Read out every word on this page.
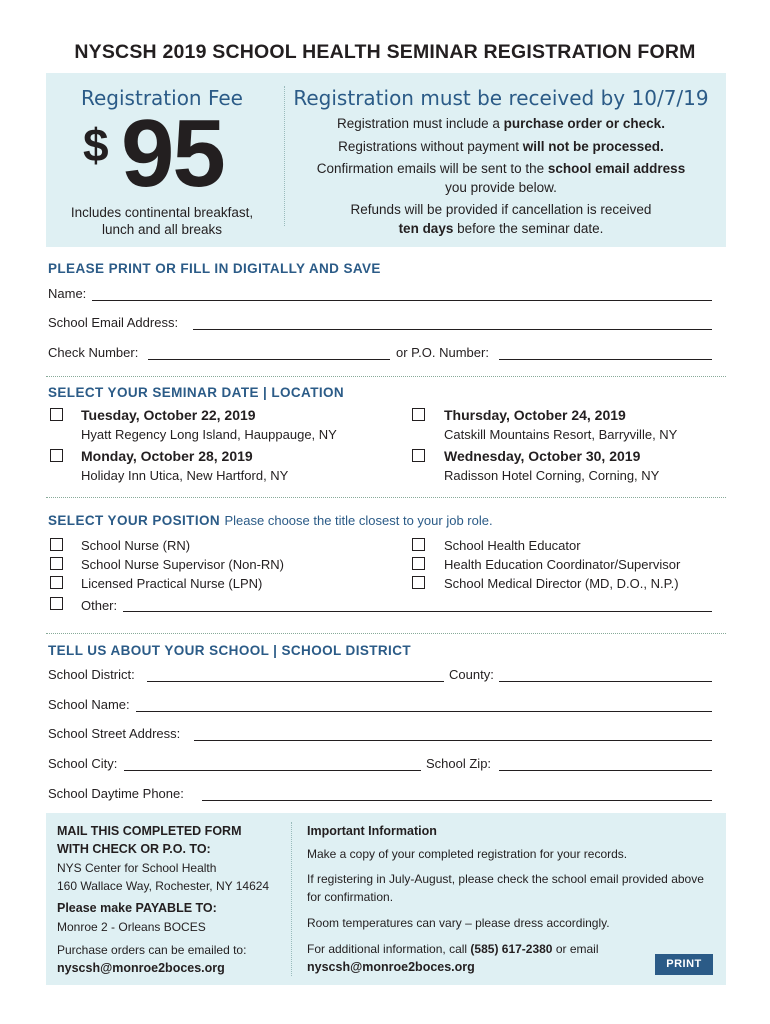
NYSCSH 2019 SCHOOL HEALTH SEMINAR REGISTRATION FORM
Registration Fee
$ 95
Includes continental breakfast,
lunch and all breaks
Registration must be received by 10/7/19

Registration must include a purchase order or check.

Registrations without payment will not be processed.

Confirmation emails will be sent to the school email address

you provide below.

Refunds will be provided if cancellation is received

ten days before the seminar date.

PLEASE PRINT OR FILL IN DIGITALLY AND SAVE
Name:
School Email Address:
Check Number:	or P.O. Number:
SELECT YOUR SEMINAR DATE | LOCATION
Tuesday, October 22, 2019
Hyatt Regency Long Island, Hauppauge, NY
Thursday, October 24, 2019
Catskill Mountains Resort, Barryville, NY
Monday, October 28, 2019
Holiday Inn Utica, New Hartford, NY
Wednesday, October 30, 2019
Radisson Hotel Corning, Corning, NY
SELECT YOUR POSITION Please choose the title closest to your job role.
School Nurse (RN)
School Nurse Supervisor (Non-RN)
Licensed Practical Nurse (LPN)
School Health Educator
Health Education Coordinator/Supervisor
School Medical Director (MD, D.O., N.P.)
Other:
TELL US ABOUT YOUR SCHOOL | SCHOOL DISTRICT
School District:	County:
School Name:
School Street Address:
School City:	School Zip:
School Daytime Phone:
MAIL THIS COMPLETED FORM
WITH CHECK OR P.O. TO:
NYS Center for School Health
160 Wallace Way, Rochester, NY 14624
Please make PAYABLE TO:
Monroe 2 - Orleans BOCES
Purchase orders can be emailed to:
nyscsh@monroe2boces.org
Important Information
Make a copy of your completed registration for your records.
If registering in July-August, please check the school email provided above
for confirmation.
Room temperatures can vary – please dress accordingly.
For additional information, call (585) 617-2380 or email
nyscsh@monroe2boces.org	PRINT
